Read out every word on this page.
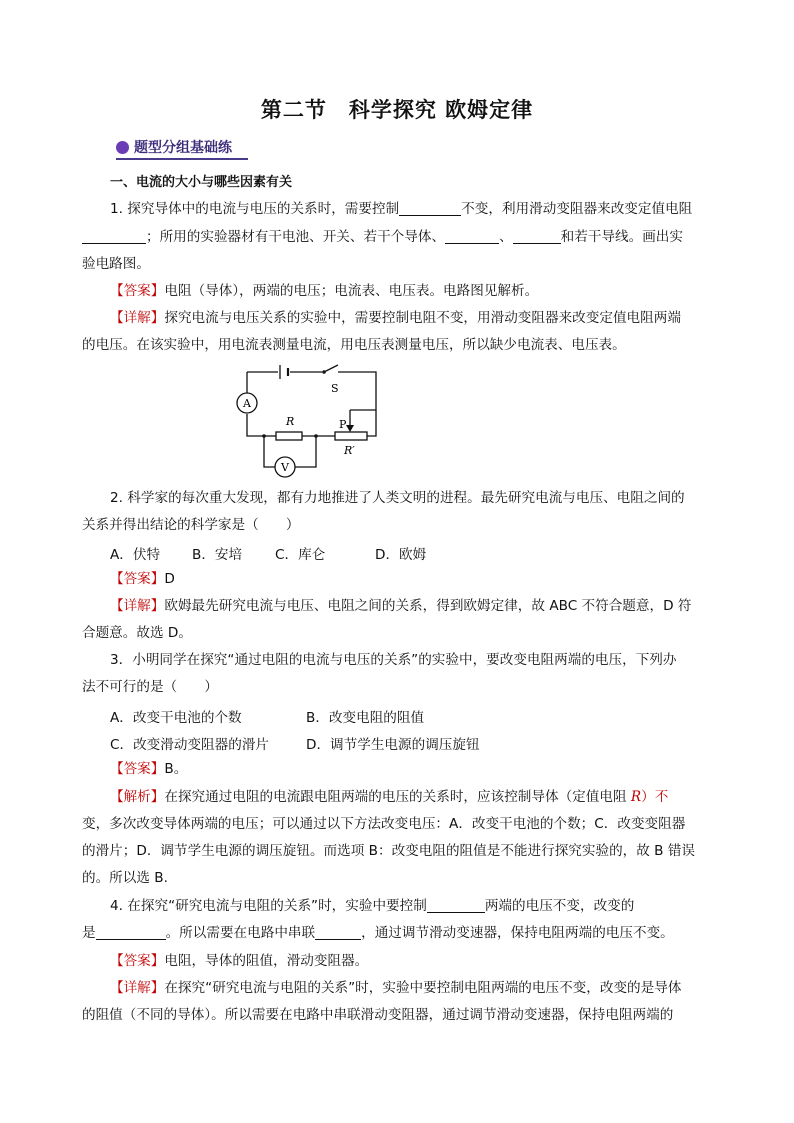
第二节　科学探究 欧姆定律
题型分组基础练
一、电流的大小与哪些因素有关
1. 探究导体中的电流与电压的关系时，需要控制	不变，利用滑动变阻器来改变定值电阻
；所用的实验器材有干电池、开关、若干个导体、	、	和若干导线。画出实
验电路图。
【答案】电阻（导体），两端的电压；电流表、电压表。电路图见解析。
【详解】探究电流与电压关系的实验中，需要控制电阻不变，用滑动变阻器来改变定值电阻两端
的电压。在该实验中，用电流表测量电流，用电压表测量电压，所以缺少电流表、电压表。
S
A
R
V
P
R′
2. 科学家的每次重大发现，都有力地推进了人类文明的进程。最先研究电流与电压、电阻之间的
关系并得出结论的科学家是（　　）
A．伏特 B．安培 C．库仑	D．欧姆
【答案】D
【详解】欧姆最先研究电流与电压、电阻之间的关系，得到欧姆定律，故 ABC 不符合题意，D 符
合题意。故选 D。
3．小明同学在探究“通过电阻的电流与电压的关系”的实验中，要改变电阻两端的电压，下列办
法不可行的是（　　）
A．改变干电池的个数	B．改变电阻的阻值
C．改变滑动变阻器的滑片	D．调节学生电源的调压旋钮
【答案】B。
【解析】在探究通过电阻的电流跟电阻两端的电压的关系时，应该控制导体（定值电阻 R）不
变，多次改变导体两端的电压；可以通过以下方法改变电压：A．改变干电池的个数；C．改变变阻器
的滑片；D．调节学生电源的调压旋钮。而选项 B：改变电阻的阻值是不能进行探究实验的，故 B 错误
的。所以选 B.
4. 在探究“研究电流与电阻的关系”时，实验中要控制	两端的电压不变，改变的
是	。所以需要在电路中串联	，通过调节滑动变速器，保持电阻两端的电压不变。
【答案】电阻，导体的阻值，滑动变阻器。
【详解】在探究“研究电流与电阻的关系”时，实验中要控制电阻两端的电压不变，改变的是导体
的阻值（不同的导体）。所以需要在电路中串联滑动变阻器，通过调节滑动变速器，保持电阻两端的
